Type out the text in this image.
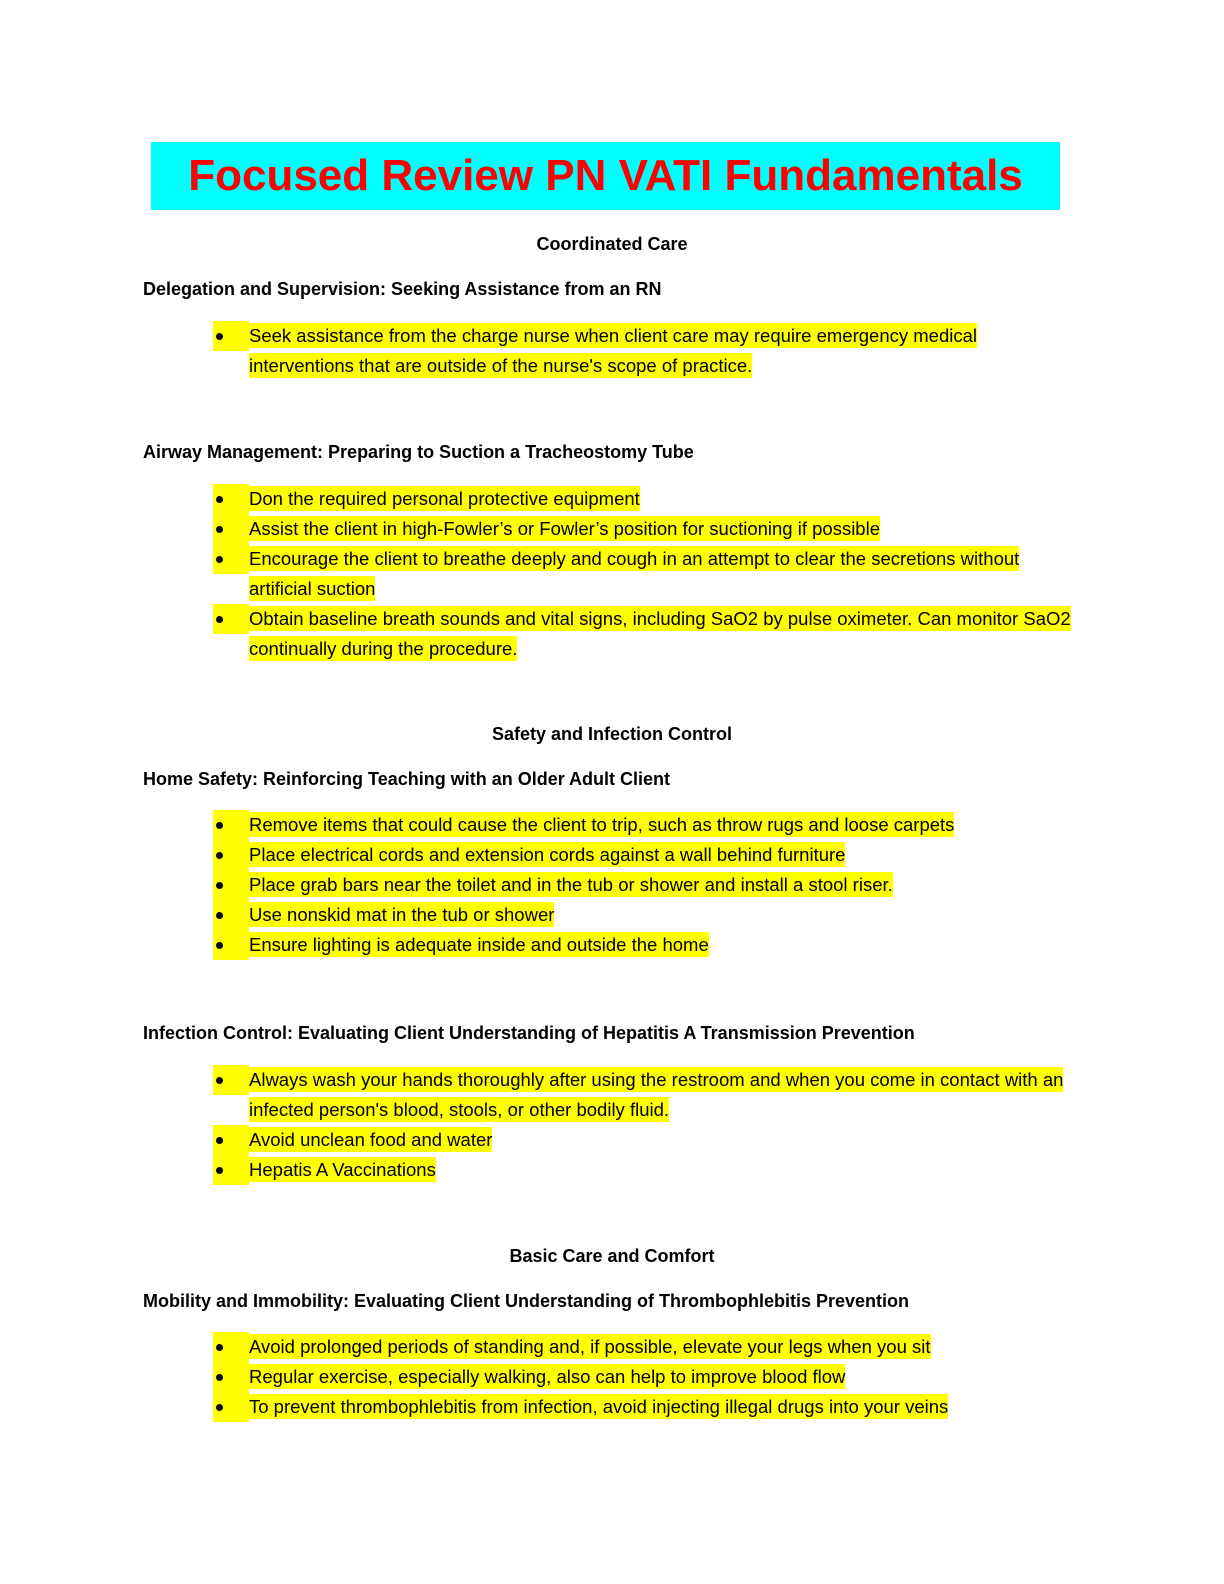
Focused Review PN VATI Fundamentals
Coordinated Care
Delegation and Supervision: Seeking Assistance from an RN
Seek assistance from the charge nurse when client care may require emergency medical interventions that are outside of the nurse's scope of practice.
Airway Management: Preparing to Suction a Tracheostomy Tube
Don the required personal protective equipment
Assist the client in high-Fowler’s or Fowler’s position for suctioning if possible
Encourage the client to breathe deeply and cough in an attempt to clear the secretions without artificial suction
Obtain baseline breath sounds and vital signs, including SaO2 by pulse oximeter. Can monitor SaO2 continually during the procedure.
Safety and Infection Control
Home Safety: Reinforcing Teaching with an Older Adult Client
Remove items that could cause the client to trip, such as throw rugs and loose carpets
Place electrical cords and extension cords against a wall behind furniture
Place grab bars near the toilet and in the tub or shower and install a stool riser.
Use nonskid mat in the tub or shower
Ensure lighting is adequate inside and outside the home
Infection Control: Evaluating Client Understanding of Hepatitis A Transmission Prevention
Always wash your hands thoroughly after using the restroom and when you come in contact with an infected person's blood, stools, or other bodily fluid.
Avoid unclean food and water
Hepatis A Vaccinations
Basic Care and Comfort
Mobility and Immobility: Evaluating Client Understanding of Thrombophlebitis Prevention
Avoid prolonged periods of standing and, if possible, elevate your legs when you sit
Regular exercise, especially walking, also can help to improve blood flow
To prevent thrombophlebitis from infection, avoid injecting illegal drugs into your veins
